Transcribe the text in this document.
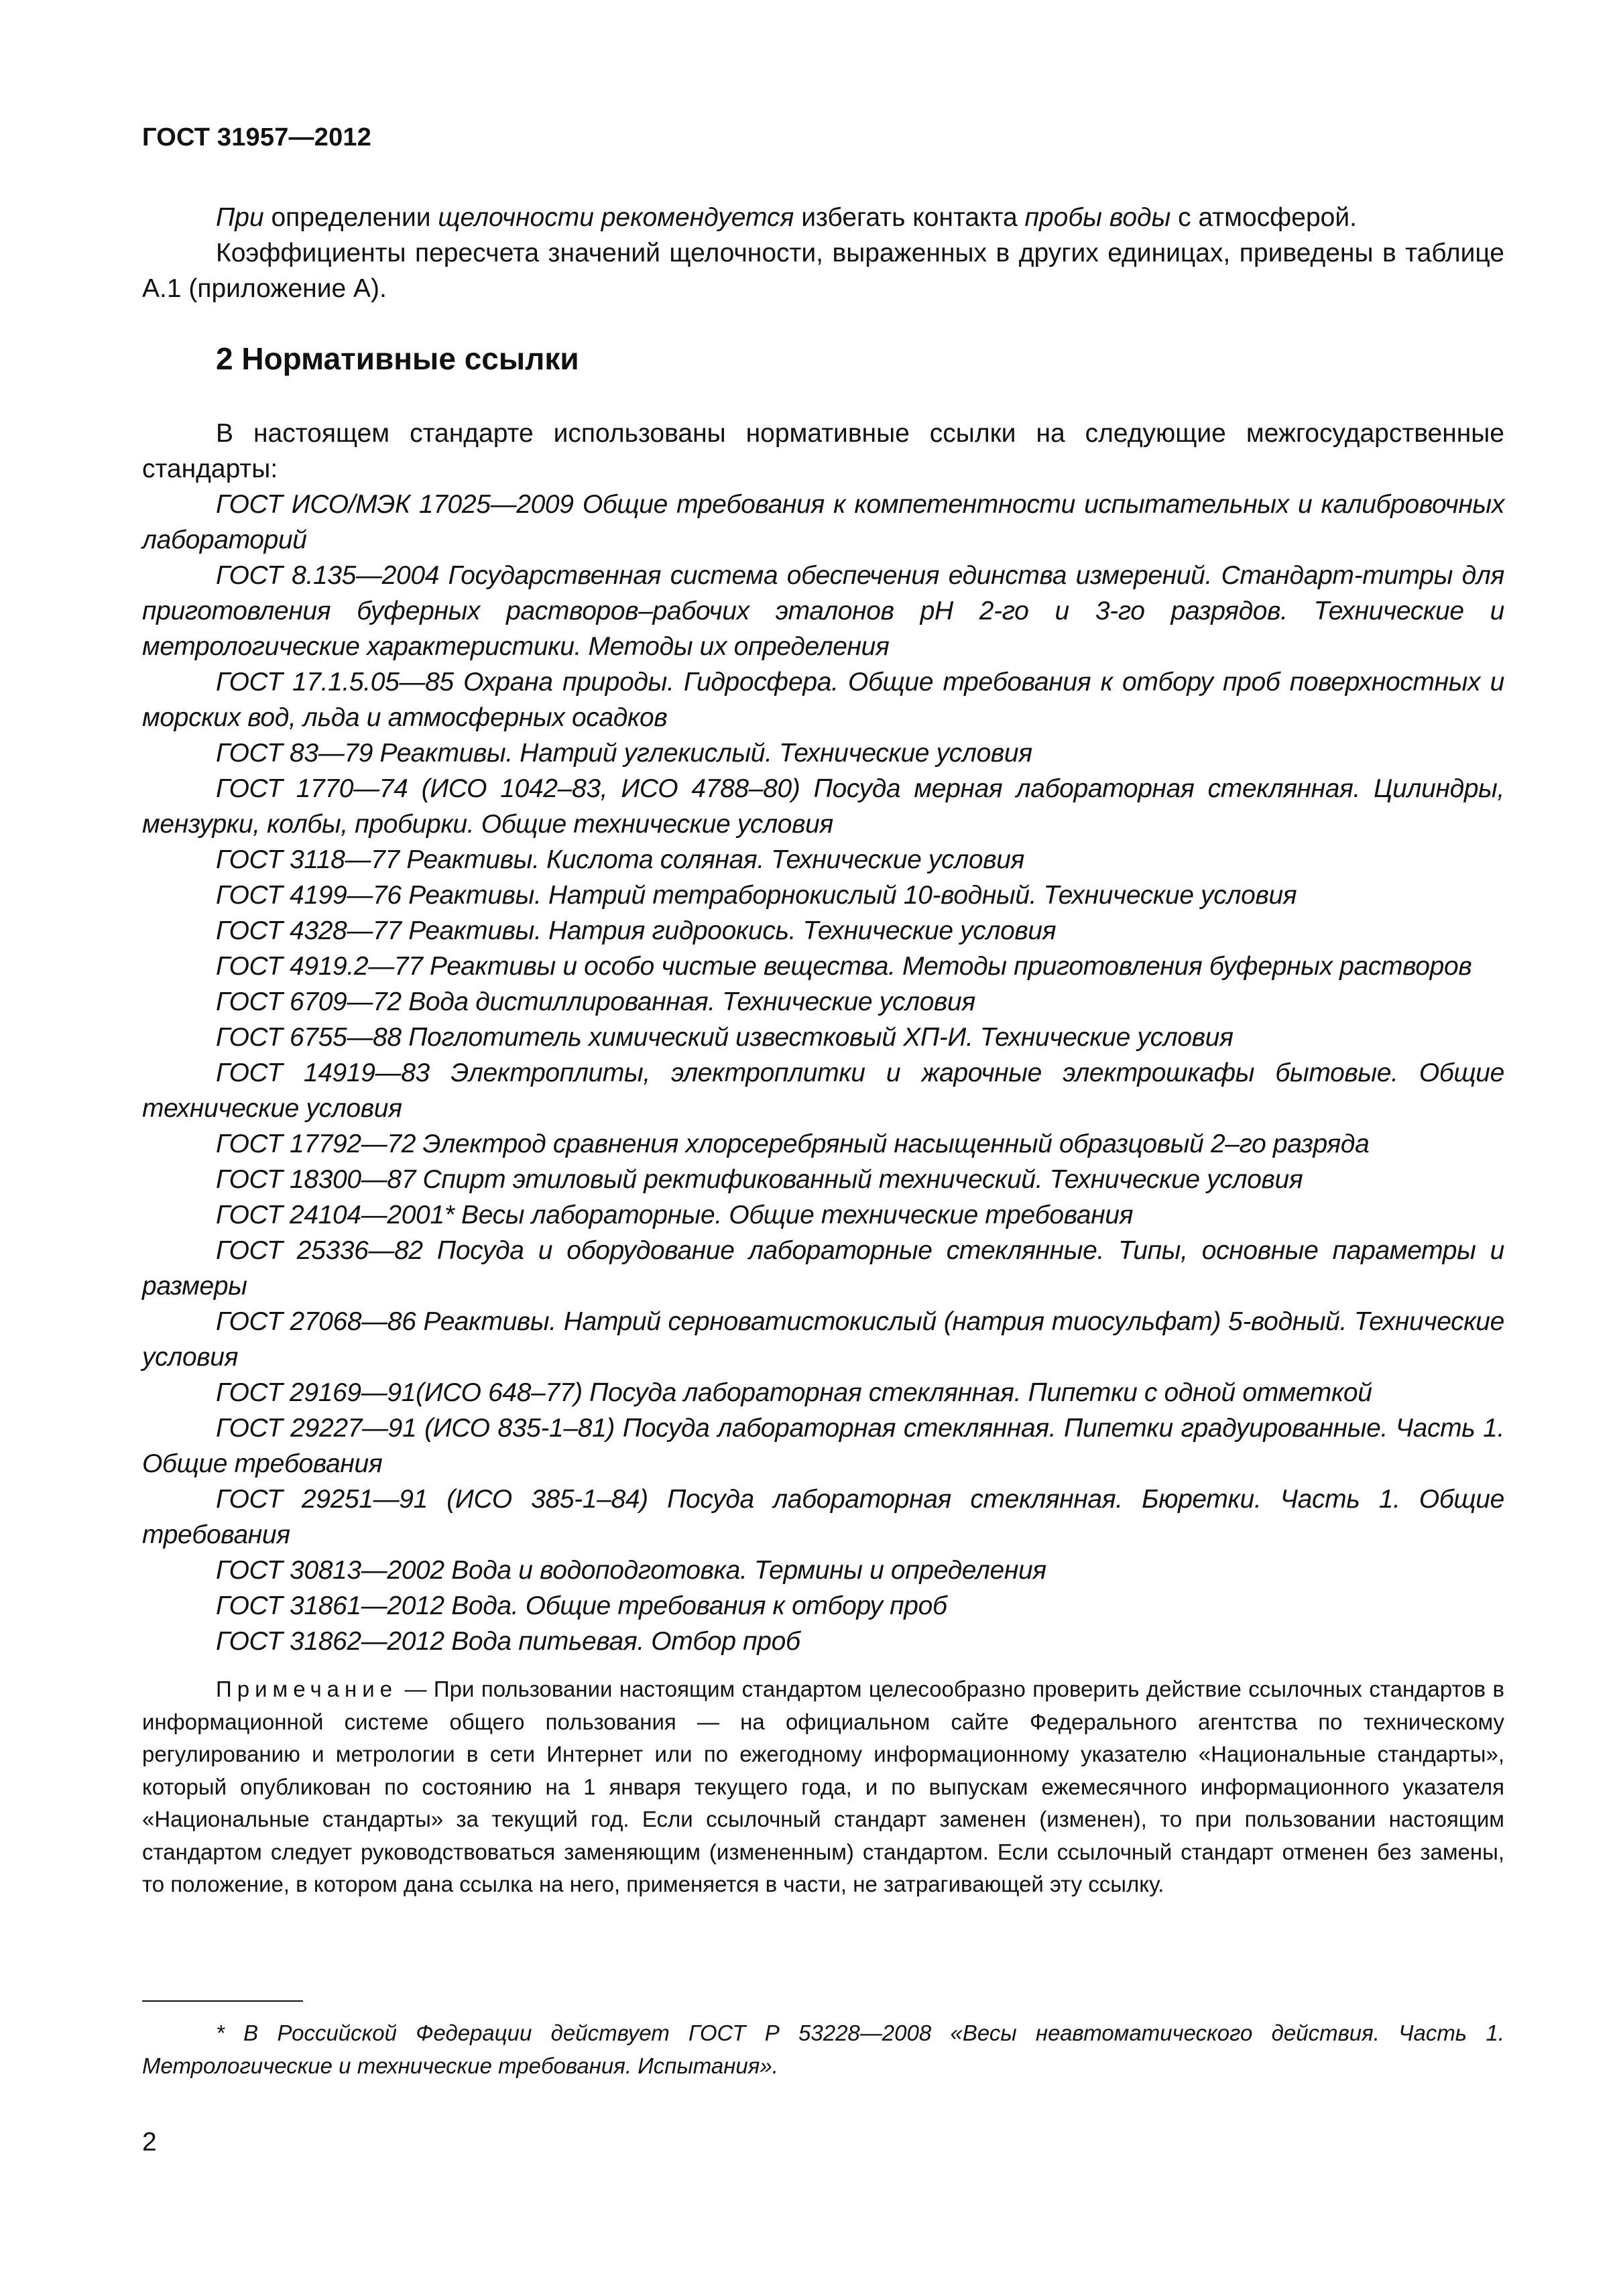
ГОСТ 31957—2012

При определении щелочности рекомендуется избегать контакта пробы воды с атмосферой.

Коэффициенты пересчета значений щелочности, выраженных в других единицах, приведены в таблице А.1 (приложение А).

2 Нормативные ссылки

В настоящем стандарте использованы нормативные ссылки на следующие межгосударственные стандарты:

ГОСТ ИСО/МЭК 17025—2009 Общие требования к компетентности испытательных и калибровочных лабораторий

ГОСТ 8.135—2004 Государственная система обеспечения единства измерений. Стандарт-титры для приготовления буферных растворов–рабочих эталонов pH 2-го и 3-го разрядов. Технические и метрологические характеристики. Методы их определения

ГОСТ 17.1.5.05—85 Охрана природы. Гидросфера. Общие требования к отбору проб поверхностных и морских вод, льда и атмосферных осадков

ГОСТ 83—79 Реактивы. Натрий углекислый. Технические условия

ГОСТ 1770—74 (ИСО 1042–83, ИСО 4788–80) Посуда мерная лабораторная стеклянная. Цилиндры, мензурки, колбы, пробирки. Общие технические условия

ГОСТ 3118—77 Реактивы. Кислота соляная. Технические условия

ГОСТ 4199—76 Реактивы. Натрий тетраборнокислый 10-водный. Технические условия

ГОСТ 4328—77 Реактивы. Натрия гидроокись. Технические условия

ГОСТ 4919.2—77 Реактивы и особо чистые вещества. Методы приготовления буферных растворов

ГОСТ 6709—72 Вода дистиллированная. Технические условия

ГОСТ 6755—88 Поглотитель химический известковый ХП-И. Технические условия

ГОСТ 14919—83 Электроплиты, электроплитки и жарочные электрошкафы бытовые. Общие технические условия

ГОСТ 17792—72 Электрод сравнения хлорсеребряный насыщенный образцовый 2–го разряда

ГОСТ 18300—87 Спирт этиловый ректификованный технический. Технические условия

ГОСТ 24104—2001* Весы лабораторные. Общие технические требования

ГОСТ 25336—82 Посуда и оборудование лабораторные стеклянные. Типы, основные параметры и размеры

ГОСТ 27068—86 Реактивы. Натрий серноватистокислый (натрия тиосульфат) 5-водный. Технические условия

ГОСТ 29169—91(ИСО 648–77) Посуда лабораторная стеклянная. Пипетки с одной отметкой

ГОСТ 29227—91 (ИСО 835-1–81) Посуда лабораторная стеклянная. Пипетки градуированные. Часть 1. Общие требования

ГОСТ 29251—91 (ИСО 385-1–84) Посуда лабораторная стеклянная. Бюретки. Часть 1. Общие требования

ГОСТ 30813—2002 Вода и водоподготовка. Термины и определения

ГОСТ 31861—2012 Вода. Общие требования к отбору проб

ГОСТ 31862—2012 Вода питьевая. Отбор проб

Примечание — При пользовании настоящим стандартом целесообразно проверить действие ссылочных стандартов в информационной системе общего пользования — на официальном сайте Федерального агентства по техническому регулированию и метрологии в сети Интернет или по ежегодному информационному указателю «Национальные стандарты», который опубликован по состоянию на 1 января текущего года, и по выпускам ежемесячного информационного указателя «Национальные стандарты» за текущий год. Если ссылочный стандарт заменен (изменен), то при пользовании настоящим стандартом следует руководствоваться заменяющим (измененным) стандартом. Если ссылочный стандарт отменен без замены, то положение, в котором дана ссылка на него, применяется в части, не затрагивающей эту ссылку.

* В Российской Федерации действует ГОСТ Р 53228—2008 «Весы неавтоматического действия. Часть 1. Метрологические и технические требования. Испытания».

2
